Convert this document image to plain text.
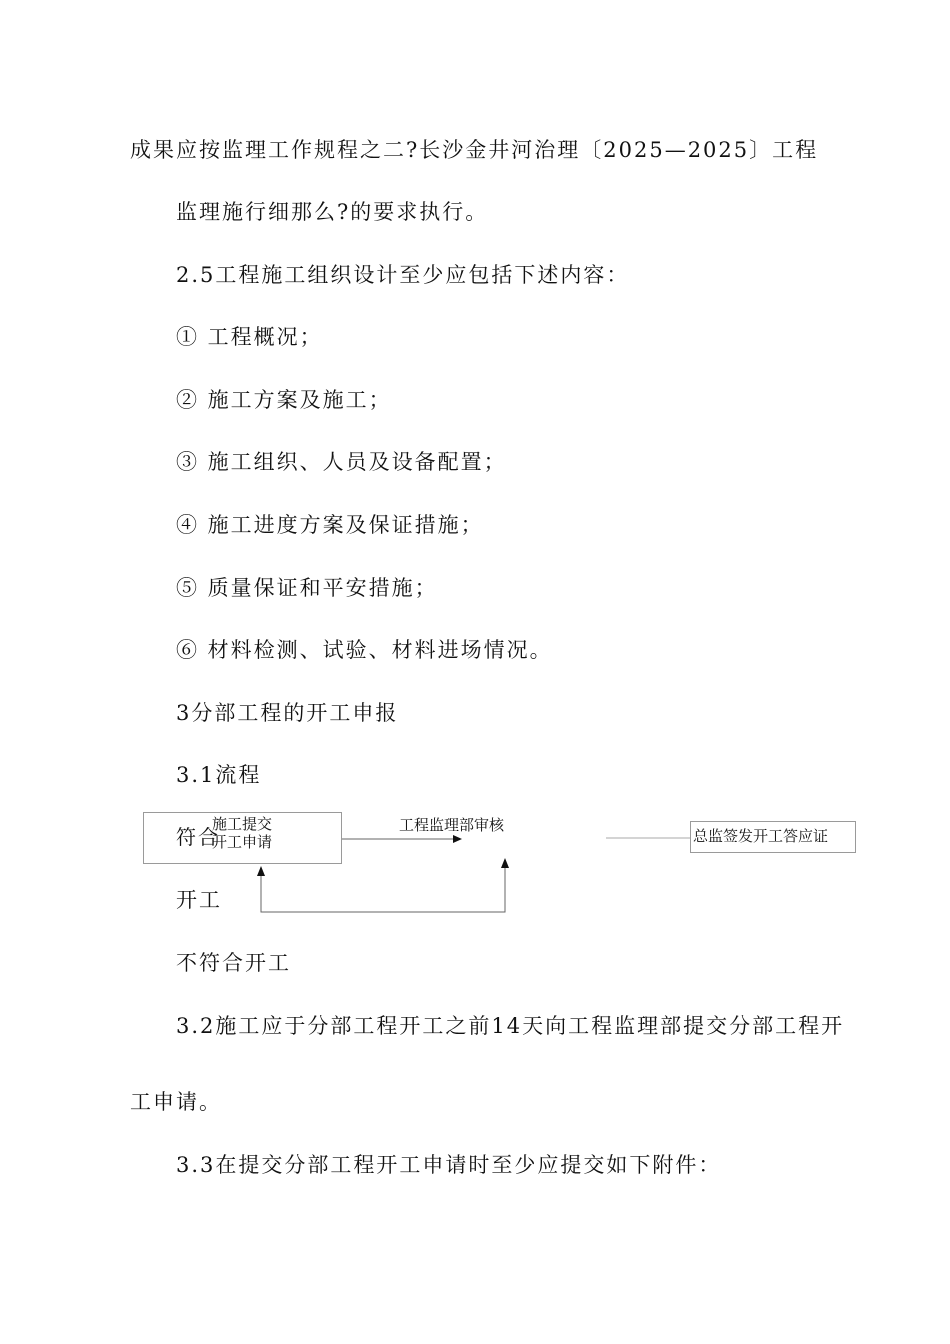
成果应按监理工作规程之二?长沙金井河治理〔2025—2025〕工程
监理施行细那么?的要求执行。
2.5工程施工组织设计至少应包括下述内容：
① 工程概况；
② 施工方案及施工；
③ 施工组织、人员及设备配置；
④ 施工进度方案及保证措施；
⑤ 质量保证和平安措施；
⑥ 材料检测、试验、材料进场情况。
3分部工程的开工申报
3.1流程
施工提交
开工申请
符合	工程监理部审核
总监签发开工答应证
开工
不符合开工
3.2施工应于分部工程开工之前14天向工程监理部提交分部工程开
工申请。
3.3在提交分部工程开工申请时至少应提交如下附件：
